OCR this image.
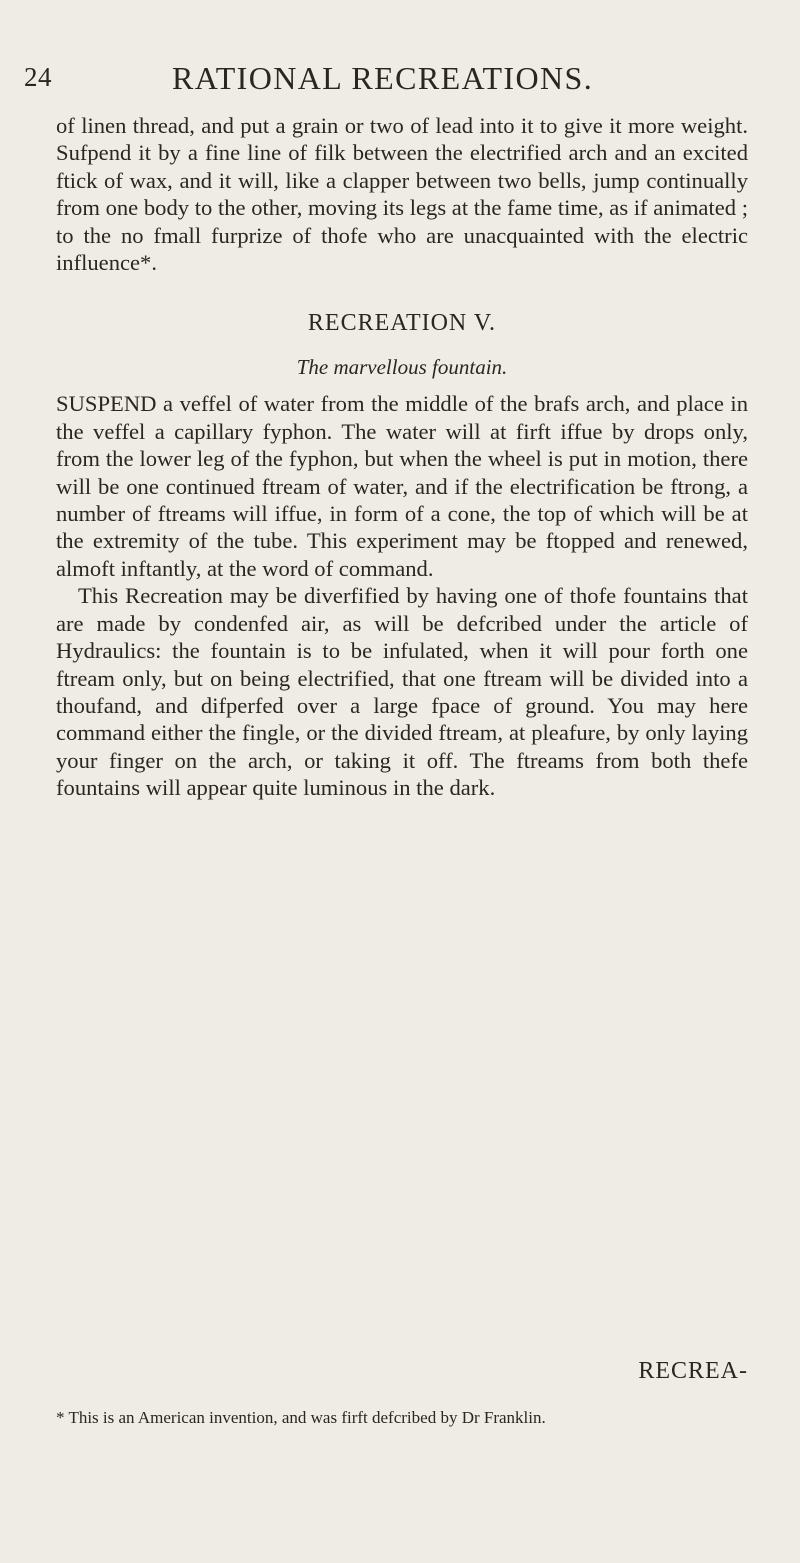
24	RATIONAL RECREATIONS.

of linen thread, and put a grain or two of lead into it to give it more weight. Sufpend it by a fine line of filk between the electrified arch and an excited ftick of wax, and it will, like a clapper between two bells, jump continually from one body to the other, moving its legs at the fame time, as if animated ; to the no fmall furprize of thofe who are unacquainted with the electric influence*.

RECREATION V.
The marvellous fountain.

SUSPEND a veffel of water from the middle of the brafs arch, and place in the veffel a capillary fyphon. The water will at firft iffue by drops only, from the lower leg of the fyphon, but when the wheel is put in motion, there will be one continued ftream of water, and if the electrification be ftrong, a number of ftreams will iffue, in form of a cone, the top of which will be at the extremity of the tube. This experiment may be ftopped and renewed, almoft inftantly, at the word of command.

This Recreation may be diverfified by having one of thofe fountains that are made by condenfed air, as will be defcribed under the article of Hydraulics: the fountain is to be infulated, when it will pour forth one ftream only, but on being electrified, that one ftream will be divided into a thoufand, and difperfed over a large fpace of ground. You may here command either the fingle, or the divided ftream, at pleafure, by only laying your finger on the arch, or taking it off. The ftreams from both thefe fountains will appear quite luminous in the dark.

RECREA-
* This is an American invention, and was firft defcribed by Dr Franklin.
